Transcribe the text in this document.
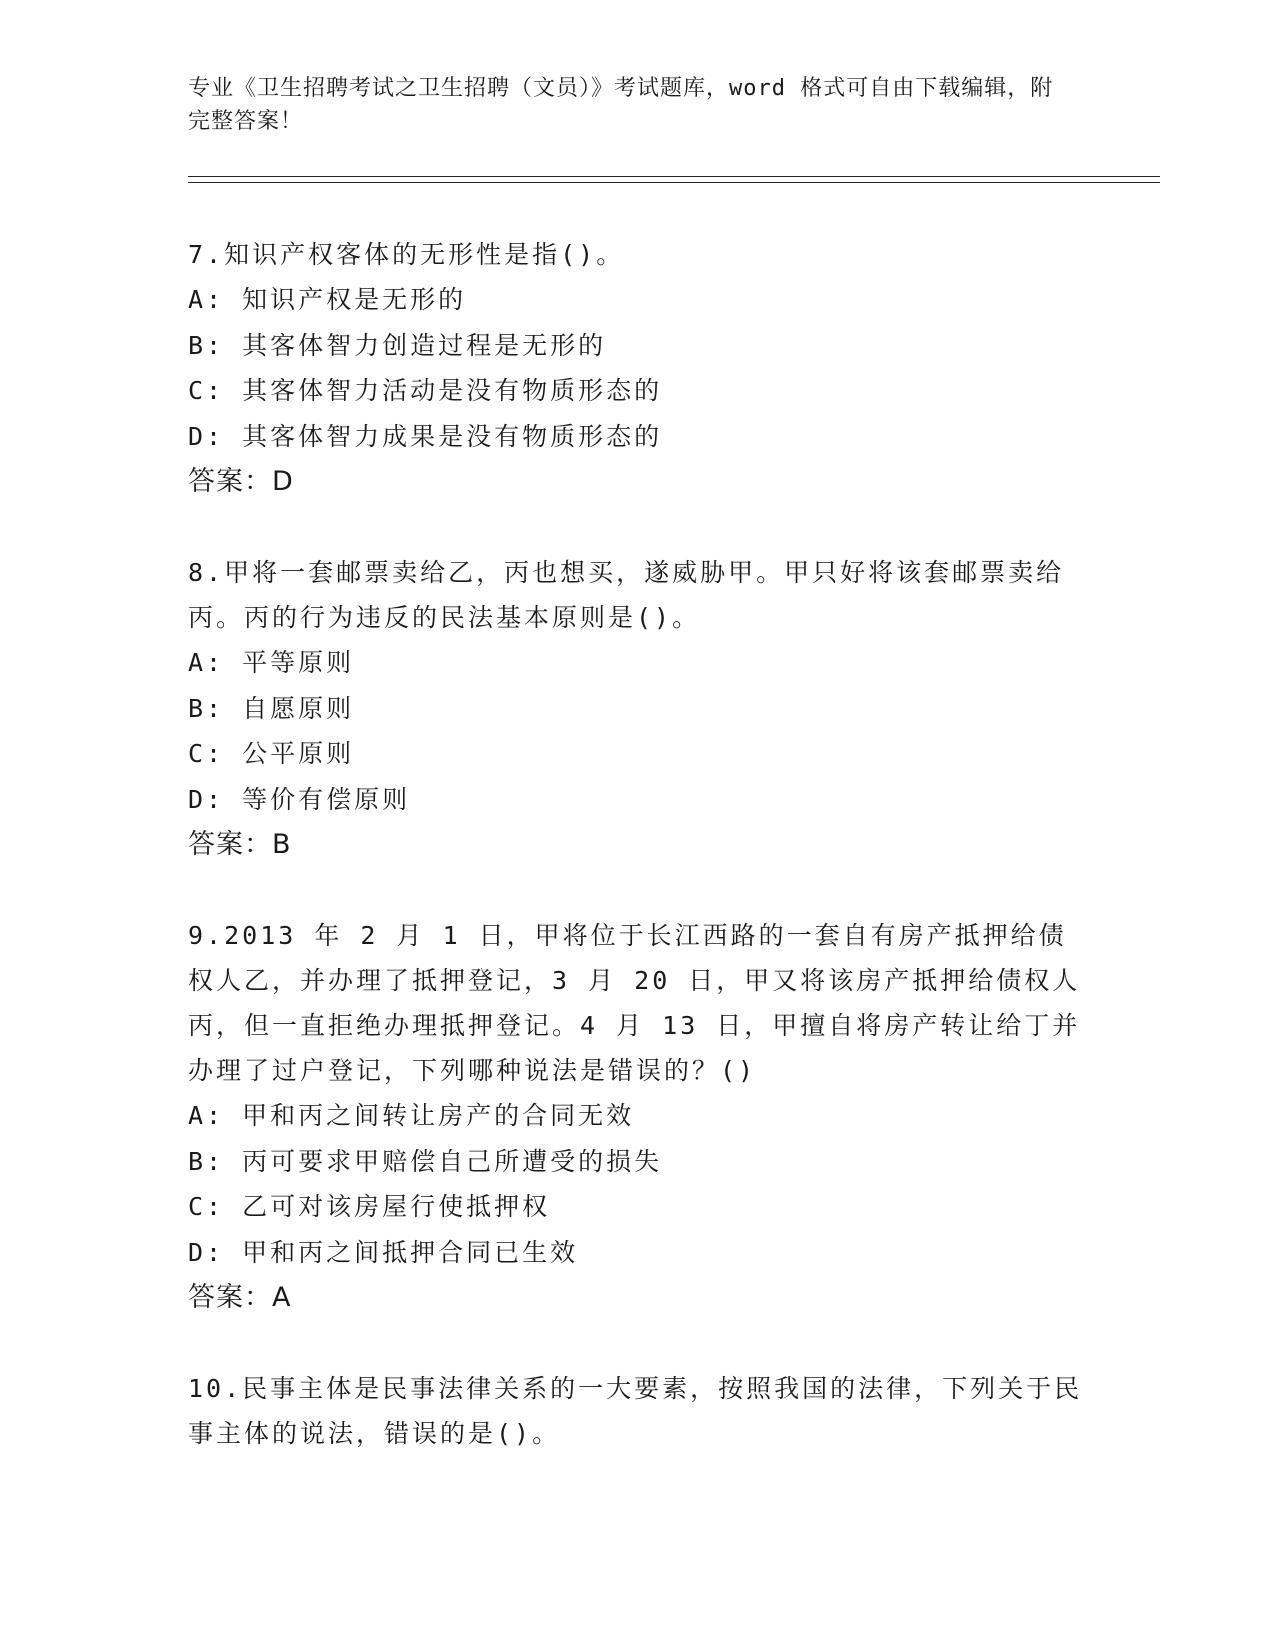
专业《卫生招聘考试之卫生招聘（文员）》考试题库，word 格式可自由下载编辑，附完整答案！

7.知识产权客体的无形性是指()。

A: 知识产权是无形的

B: 其客体智力创造过程是无形的

C: 其客体智力活动是没有物质形态的

D: 其客体智力成果是没有物质形态的

答案：D

8.甲将一套邮票卖给乙，丙也想买，遂威胁甲。甲只好将该套邮票卖给丙。丙的行为违反的民法基本原则是()。

A: 平等原则

B: 自愿原则

C: 公平原则

D: 等价有偿原则

答案：B

9.2013 年 2 月 1 日，甲将位于长江西路的一套自有房产抵押给债权人乙，并办理了抵押登记，3 月 20 日，甲又将该房产抵押给债权人丙，但一直拒绝办理抵押登记。4 月 13 日，甲擅自将房产转让给丁并办理了过户登记，下列哪种说法是错误的？()

A: 甲和丙之间转让房产的合同无效

B: 丙可要求甲赔偿自己所遭受的损失

C: 乙可对该房屋行使抵押权

D: 甲和丙之间抵押合同已生效

答案：A

10.民事主体是民事法律关系的一大要素，按照我国的法律，下列关于民事主体的说法，错误的是()。
